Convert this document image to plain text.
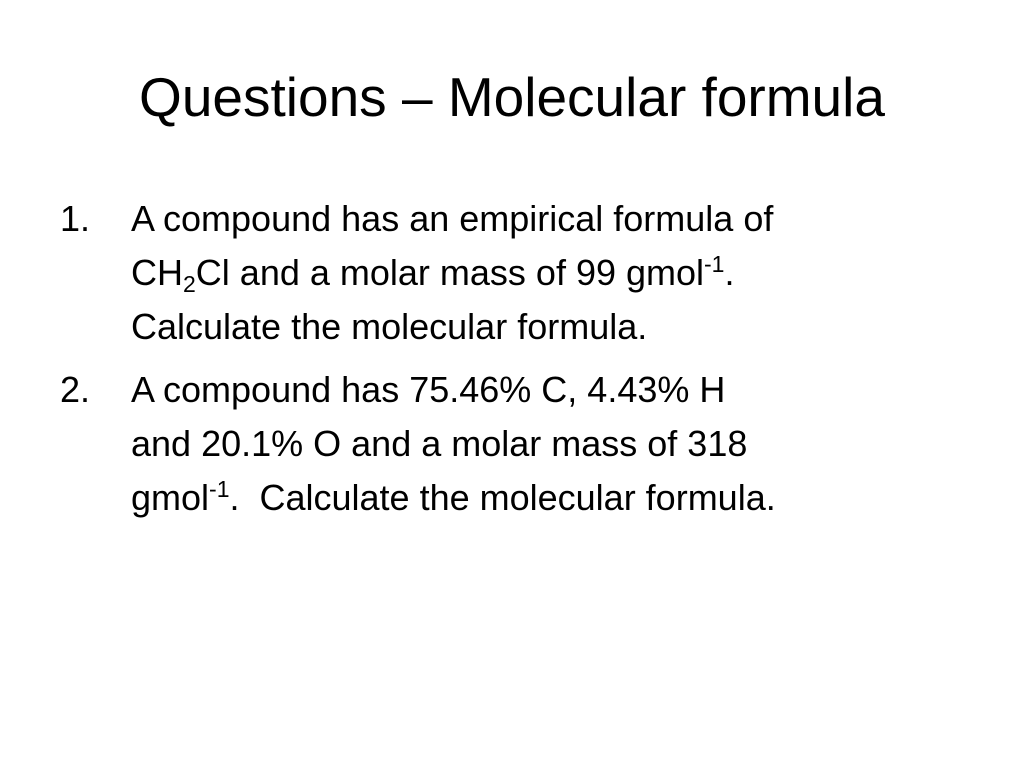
Questions – Molecular formula
1. A compound has an empirical formula of
$CH_2Cl$ and a molar mass of 99 gmol$^{-1}$.
Calculate the molecular formula.
2. A compound has 75.46% C, 4.43% H
and 20.1% O and a molar mass of 318
gmol$^{-1}$.  Calculate the molecular formula.
